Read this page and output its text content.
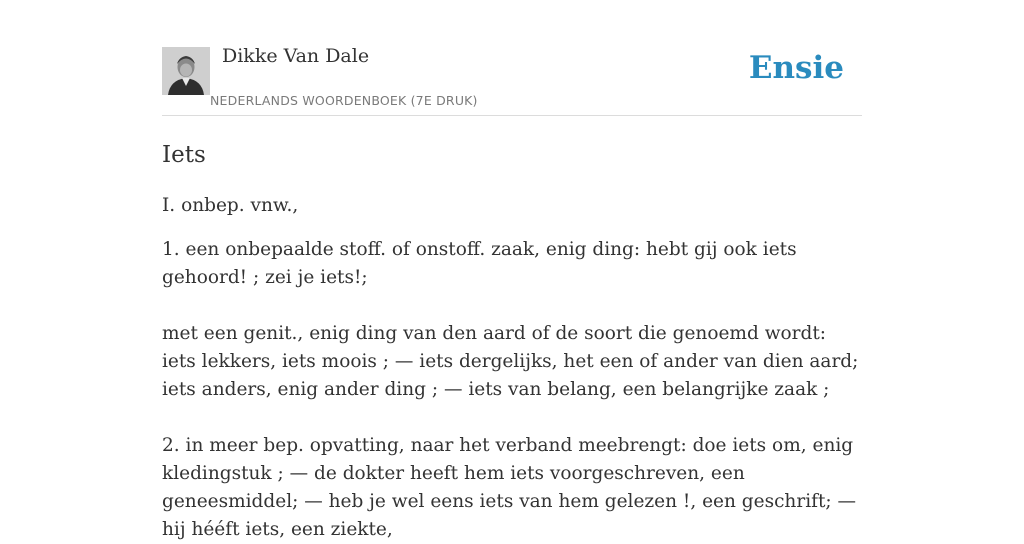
Dikke Van Dale
NEDERLANDS WOORDENBOEK (7E DRUK)
Ensie
Iets

I. onbep. vnw.,

1. een onbepaalde stoff. of onstoff. zaak, enig ding: hebt gij ook iets gehoord! ; zei je iets!;

met een genit., enig ding van den aard of de soort die genoemd wordt: iets lekkers, iets moois ; — iets dergelijks, het een of ander van dien aard; iets anders, enig ander ding ; — iets van belang, een belangrijke zaak ;

2. in meer bep. opvatting, naar het verband meebrengt: doe iets om, enig kledingstuk ; — de dokter heeft hem iets voorgeschreven, een geneesmiddel; — heb je wel eens iets van hem gelezen !, een geschrift; — hij hééft iets, een ziekte,
